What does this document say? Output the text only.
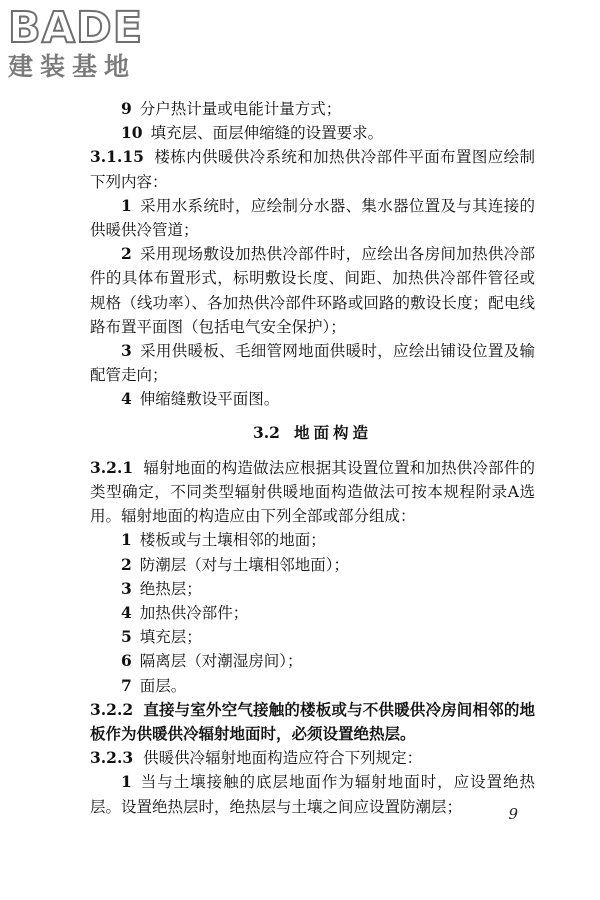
BADE
建装基地

9 分户热计量或电能计量方式；

10 填充层、面层伸缩缝的设置要求。

3.1.15 楼栋内供暖供冷系统和加热供冷部件平面布置图应绘制下列内容：

1 采用水系统时，应绘制分水器、集水器位置及与其连接的供暖供冷管道；

2 采用现场敷设加热供冷部件时，应绘出各房间加热供冷部件的具体布置形式，标明敷设长度、间距、加热供冷部件管径或规格（线功率）、各加热供冷部件环路或回路的敷设长度；配电线路布置平面图（包括电气安全保护）；

3 采用供暖板、毛细管网地面供暖时，应绘出铺设位置及输配管走向；

4 伸缩缝敷设平面图。

3.2 地面构造

3.2.1 辐射地面的构造做法应根据其设置位置和加热供冷部件的类型确定，不同类型辐射供暖地面构造做法可按本规程附录A选用。辐射地面的构造应由下列全部或部分组成：

1 楼板或与土壤相邻的地面；

2 防潮层（对与土壤相邻地面）；

3 绝热层；

4 加热供冷部件；

5 填充层；

6 隔离层（对潮湿房间）；

7 面层。

3.2.2 直接与室外空气接触的楼板或与不供暖供冷房间相邻的地板作为供暖供冷辐射地面时，必须设置绝热层。

3.2.3 供暖供冷辐射地面构造应符合下列规定：

1 当与土壤接触的底层地面作为辐射地面时，应设置绝热层。设置绝热层时，绝热层与土壤之间应设置防潮层；	9
